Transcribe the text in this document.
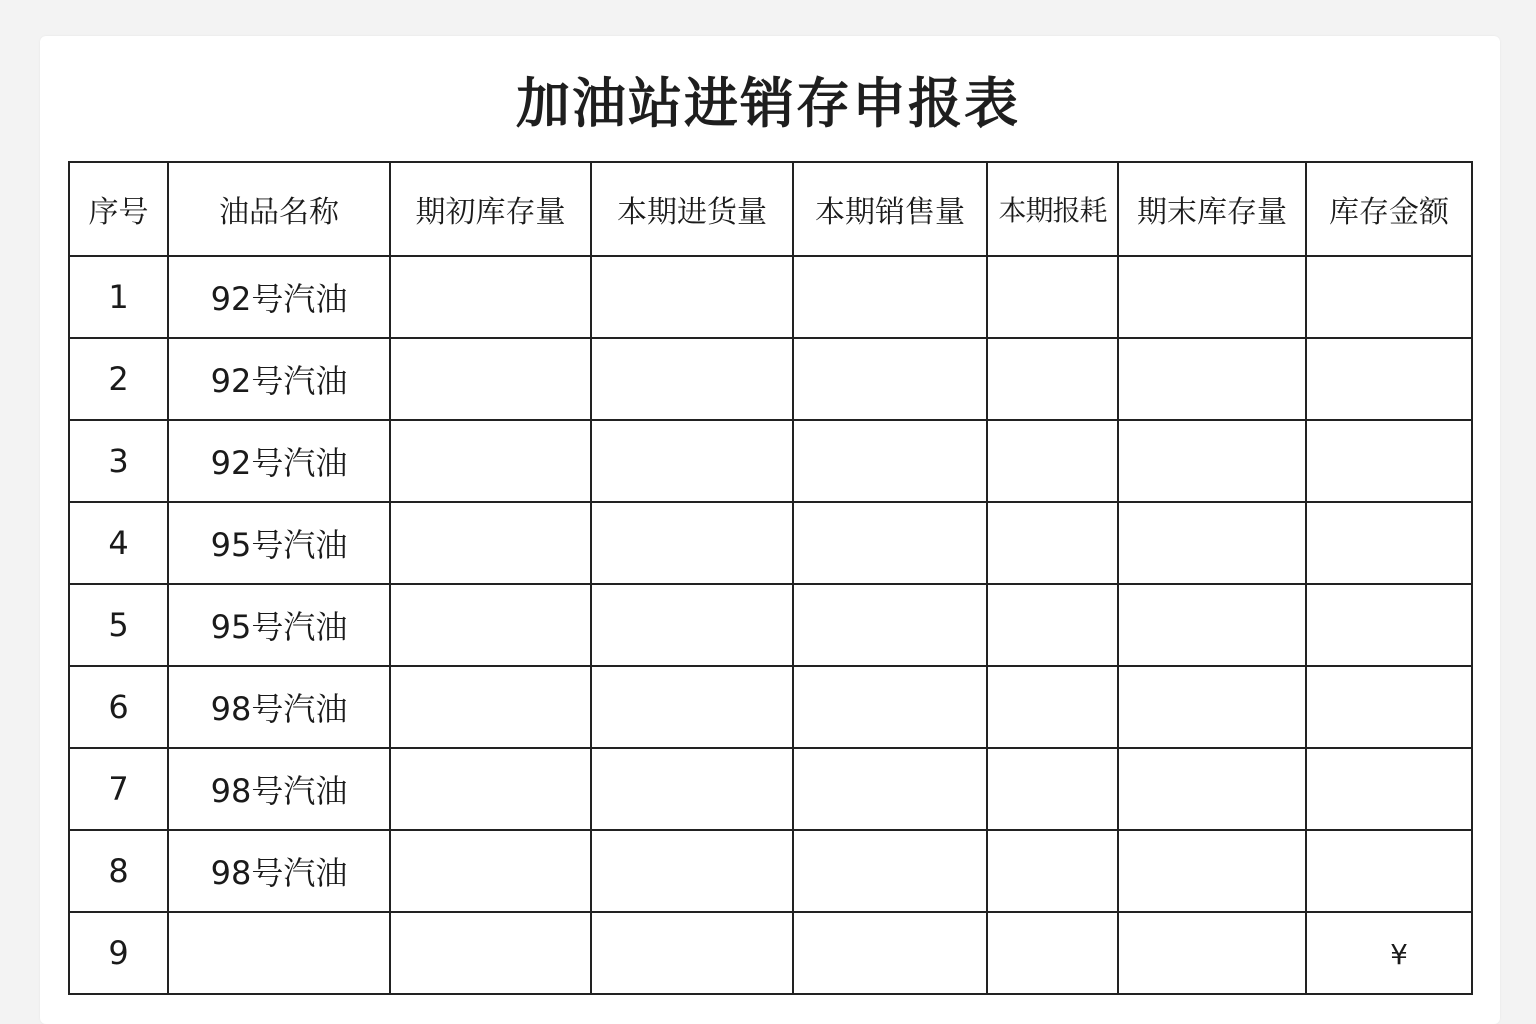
加油站进销存申报表
序号	油品名称	期初库存量	本期进货量	本期销售量	本期报耗	期末库存量	库存金额
1	92号汽油						
2	92号汽油						
3	92号汽油						
4	95号汽油						
5	95号汽油						
6	98号汽油						
7	98号汽油						
8	98号汽油						
9							¥
